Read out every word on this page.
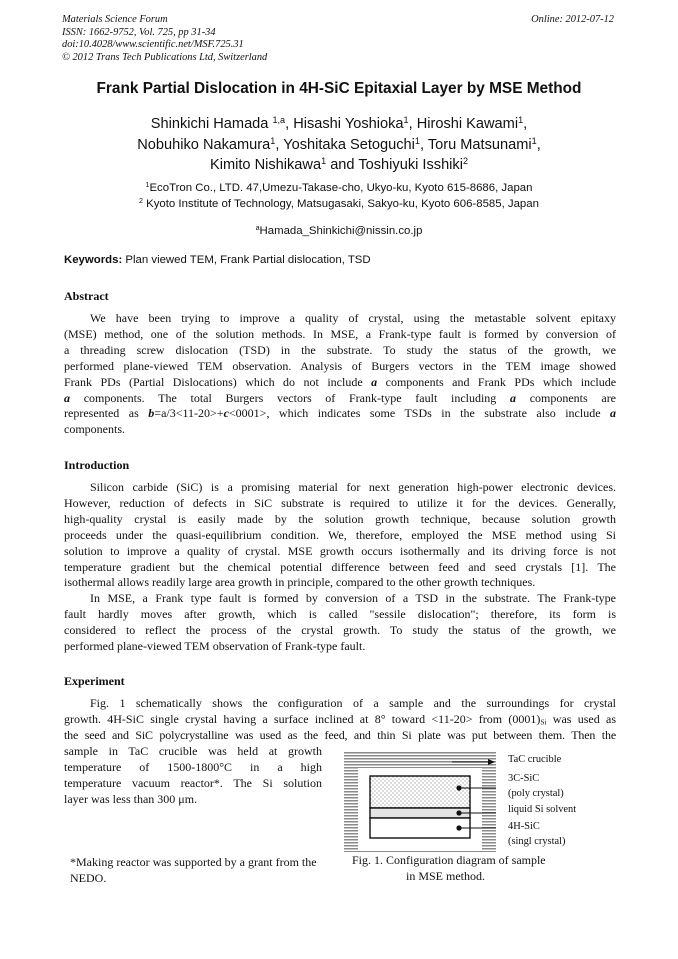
Materials Science Forum
ISSN: 1662-9752, Vol. 725, pp 31-34
doi:10.4028/www.scientific.net/MSF.725.31
© 2012 Trans Tech Publications Ltd, Switzerland
Online: 2012-07-12
Frank Partial Dislocation in 4H-SiC Epitaxial Layer by MSE Method
Shinkichi Hamada $^{1,a}$, Hisashi Yoshioka$^1$, Hiroshi Kawami$^1$,
Nobuhiko Nakamura$^1$, Yoshitaka Setoguchi$^1$, Toru Matsunami$^1$,
Kimito Nishikawa$^1$ and Toshiyuki Isshiki$^2$
$^1$EcoTron Co., LTD. 47,Umezu-Takase-cho, Ukyo-ku, Kyoto 615-8686, Japan
$^2$ Kyoto Institute of Technology, Matsugasaki, Sakyo-ku, Kyoto 606-8585, Japan
$^a$Hamada_Shinkichi@nissin.co.jp
Keywords: Plan viewed TEM, Frank Partial dislocation, TSD
Abstract
We have been trying to improve a quality of crystal, using the metastable solvent epitaxy
(MSE) method, one of the solution methods. In MSE, a Frank-type fault is formed by conversion of
a threading screw dislocation (TSD) in the substrate. To study the status of the growth, we
performed plane-viewed TEM observation. Analysis of Burgers vectors in the TEM image showed
Frank PDs (Partial Dislocations) which do not include a components and Frank PDs which include
a components. The total Burgers vectors of Frank-type fault including a components are
represented as b=a/3<11-20>+c<0001>, which indicates some TSDs in the substrate also include a
components.
Introduction
Silicon carbide (SiC) is a promising material for next generation high-power electronic devices.
However, reduction of defects in SiC substrate is required to utilize it for the devices. Generally,
high-quality crystal is easily made by the solution growth technique, because solution growth
proceeds under the quasi-equilibrium condition. We, therefore, employed the MSE method using Si
solution to improve a quality of crystal. MSE growth occurs isothermally and its driving force is not
temperature gradient but the chemical potential difference between feed and seed crystals [1]. The
isothermal allows readily large area growth in principle, compared to the other growth techniques.
In MSE, a Frank type fault is formed by conversion of a TSD in the substrate. The Frank-type
fault hardly moves after growth, which is called "sessile dislocation"; therefore, its form is
considered to reflect the process of the crystal growth. To study the status of the growth, we
performed plane-viewed TEM observation of Frank-type fault.
Experiment
Fig. 1 schematically shows the configuration of a sample and the surroundings for crystal
growth. 4H-SiC single crystal having a surface inclined at 8° toward <11-20> from $(0001)_{Si}$ was used as
the seed and SiC polycrystalline was used as the feed, and thin Si plate was put between them. Then the
sample in TaC crucible was held at growth
temperature of 1500-1800°C in a high
temperature vacuum reactor*. The Si solution
layer was less than 300 μm.
*Making reactor was supported by a grant from the NEDO.
TaC crucible
3C-SiC
(poly crystal)
liquid Si solvent
4H-SiC
(singl crystal)
Fig. 1. Configuration diagram of sample
in MSE method.
